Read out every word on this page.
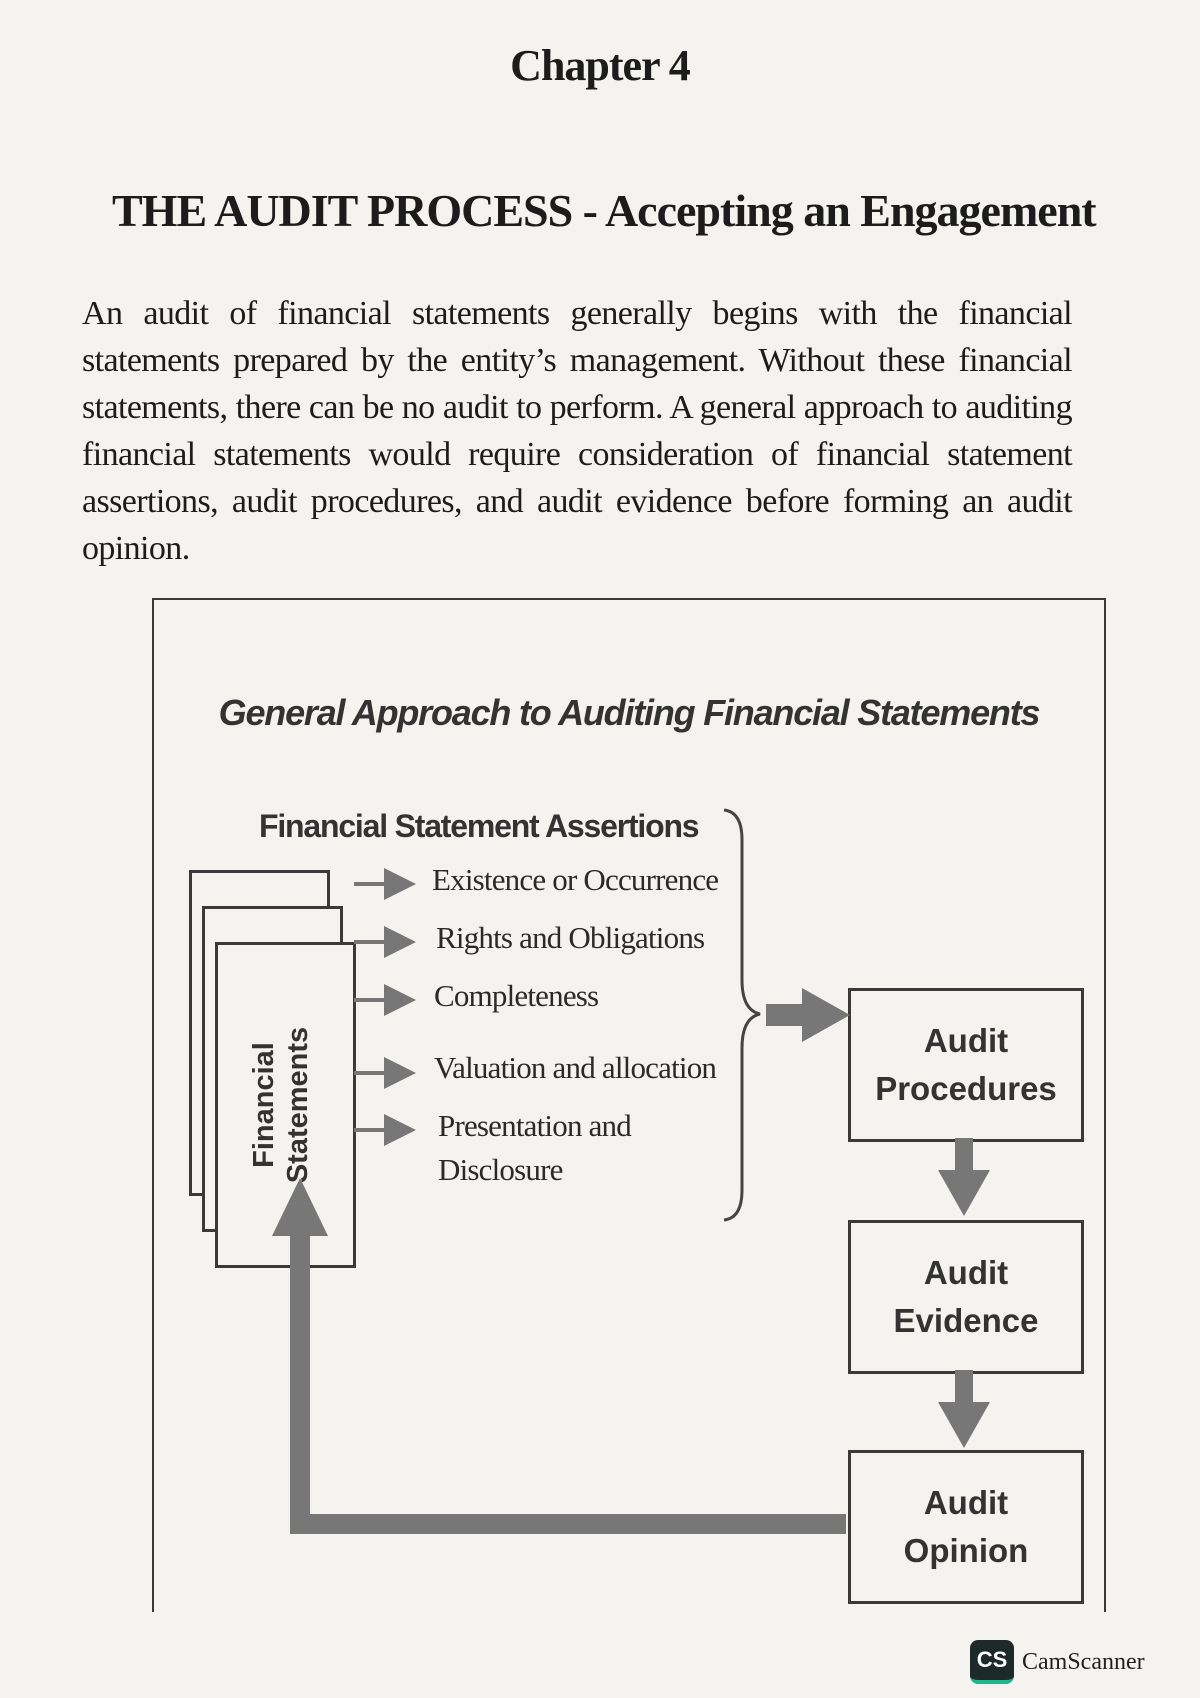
Chapter 4
THE AUDIT PROCESS - Accepting an Engagement
An audit of financial statements generally begins with the financial statements prepared by the entity’s management. Without these financial statements, there can be no audit to perform. A general approach to auditing financial statements would require consideration of financial statement assertions, audit procedures, and audit evidence before forming an audit opinion.
General Approach to Auditing Financial Statements
Financial Statement Assertions
Financial Statements
Existence or Occurrence
Rights and Obligations
Completeness
Valuation and allocation
Presentation and
Disclosure
Audit
Procedures
Audit
Evidence
Audit
Opinion
CS CamScanner
